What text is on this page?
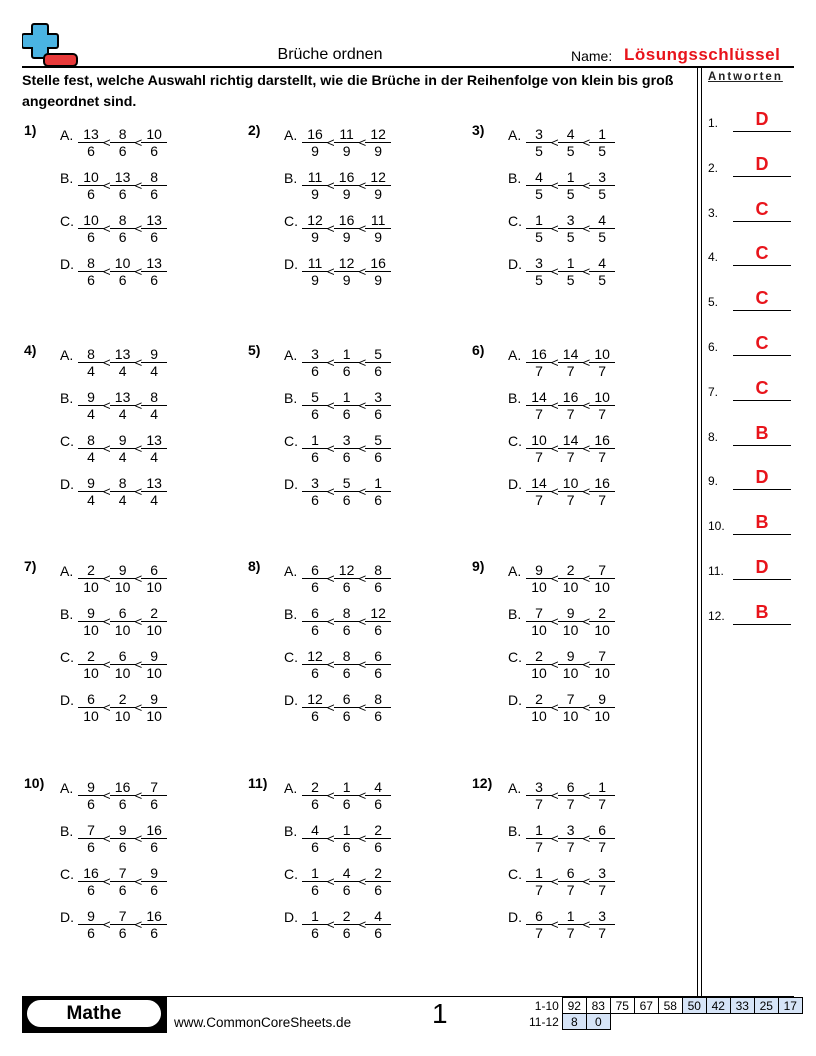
Brüche ordnen	Name: Lösungsschlüssel
Stelle fest, welche Auswahl richtig darstellt, wie die Brüche in der Reihenfolge von klein bis groß angeordnet sind.
Antworten
1.	D
2.	D
3.	C
4.	C
5.	C
6.	C
7.	C
8.	B
9.	D
10.	B
11.	D
12.	B
1) A. $\frac{13}{6} < \frac{8}{6} < \frac{10}{6}$
B. $\frac{10}{6} < \frac{13}{6} < \frac{8}{6}$
C. $\frac{10}{6} < \frac{8}{6} < \frac{13}{6}$
D. $\frac{8}{6} < \frac{10}{6} < \frac{13}{6}$
2) A. $\frac{16}{9} < \frac{11}{9} < \frac{12}{9}$
B. $\frac{11}{9} < \frac{16}{9} < \frac{12}{9}$
C. $\frac{12}{9} < \frac{16}{9} < \frac{11}{9}$
D. $\frac{11}{9} < \frac{12}{9} < \frac{16}{9}$
3) A. $\frac{3}{5} < \frac{4}{5} < \frac{1}{5}$
B. $\frac{4}{5} < \frac{1}{5} < \frac{3}{5}$
C. $\frac{1}{5} < \frac{3}{5} < \frac{4}{5}$
D. $\frac{3}{5} < \frac{1}{5} < \frac{4}{5}$
4) A. $\frac{8}{4} < \frac{13}{4} < \frac{9}{4}$
B. $\frac{9}{4} < \frac{13}{4} < \frac{8}{4}$
C. $\frac{8}{4} < \frac{9}{4} < \frac{13}{4}$
D. $\frac{9}{4} < \frac{8}{4} < \frac{13}{4}$
5) A. $\frac{3}{6} < \frac{1}{6} < \frac{5}{6}$
B. $\frac{5}{6} < \frac{1}{6} < \frac{3}{6}$
C. $\frac{1}{6} < \frac{3}{6} < \frac{5}{6}$
D. $\frac{3}{6} < \frac{5}{6} < \frac{1}{6}$
6) A. $\frac{16}{7} < \frac{14}{7} < \frac{10}{7}$
B. $\frac{14}{7} < \frac{16}{7} < \frac{10}{7}$
C. $\frac{10}{7} < \frac{14}{7} < \frac{16}{7}$
D. $\frac{14}{7} < \frac{10}{7} < \frac{16}{7}$
7) A. $\frac{2}{10} < \frac{9}{10} < \frac{6}{10}$
B. $\frac{9}{10} < \frac{6}{10} < \frac{2}{10}$
C. $\frac{2}{10} < \frac{6}{10} < \frac{9}{10}$
D. $\frac{6}{10} < \frac{2}{10} < \frac{9}{10}$
8) A. $\frac{6}{6} < \frac{12}{6} < \frac{8}{6}$
B. $\frac{6}{6} < \frac{8}{6} < \frac{12}{6}$
C. $\frac{12}{6} < \frac{8}{6} < \frac{6}{6}$
D. $\frac{12}{6} < \frac{6}{6} < \frac{8}{6}$
9) A. $\frac{9}{10} < \frac{2}{10} < \frac{7}{10}$
B. $\frac{7}{10} < \frac{9}{10} < \frac{2}{10}$
C. $\frac{2}{10} < \frac{9}{10} < \frac{7}{10}$
D. $\frac{2}{10} < \frac{7}{10} < \frac{9}{10}$
10) A. $\frac{9}{6} < \frac{16}{6} < \frac{7}{6}$
B. $\frac{7}{6} < \frac{9}{6} < \frac{16}{6}$
C. $\frac{16}{6} < \frac{7}{6} < \frac{9}{6}$
D. $\frac{9}{6} < \frac{7}{6} < \frac{16}{6}$
11) A. $\frac{2}{6} < \frac{1}{6} < \frac{4}{6}$
B. $\frac{4}{6} < \frac{1}{6} < \frac{2}{6}$
C. $\frac{1}{6} < \frac{4}{6} < \frac{2}{6}$
D. $\frac{1}{6} < \frac{2}{6} < \frac{4}{6}$
12) A. $\frac{3}{7} < \frac{6}{7} < \frac{1}{7}$
B. $\frac{1}{7} < \frac{3}{7} < \frac{6}{7}$
C. $\frac{1}{7} < \frac{6}{7} < \frac{3}{7}$
D. $\frac{6}{7} < \frac{1}{7} < \frac{3}{7}$
Mathe	www.CommonCoreSheets.de	1	1-10	92	83	75	67	58	50	42	33	25	17
11-12	8	0								
